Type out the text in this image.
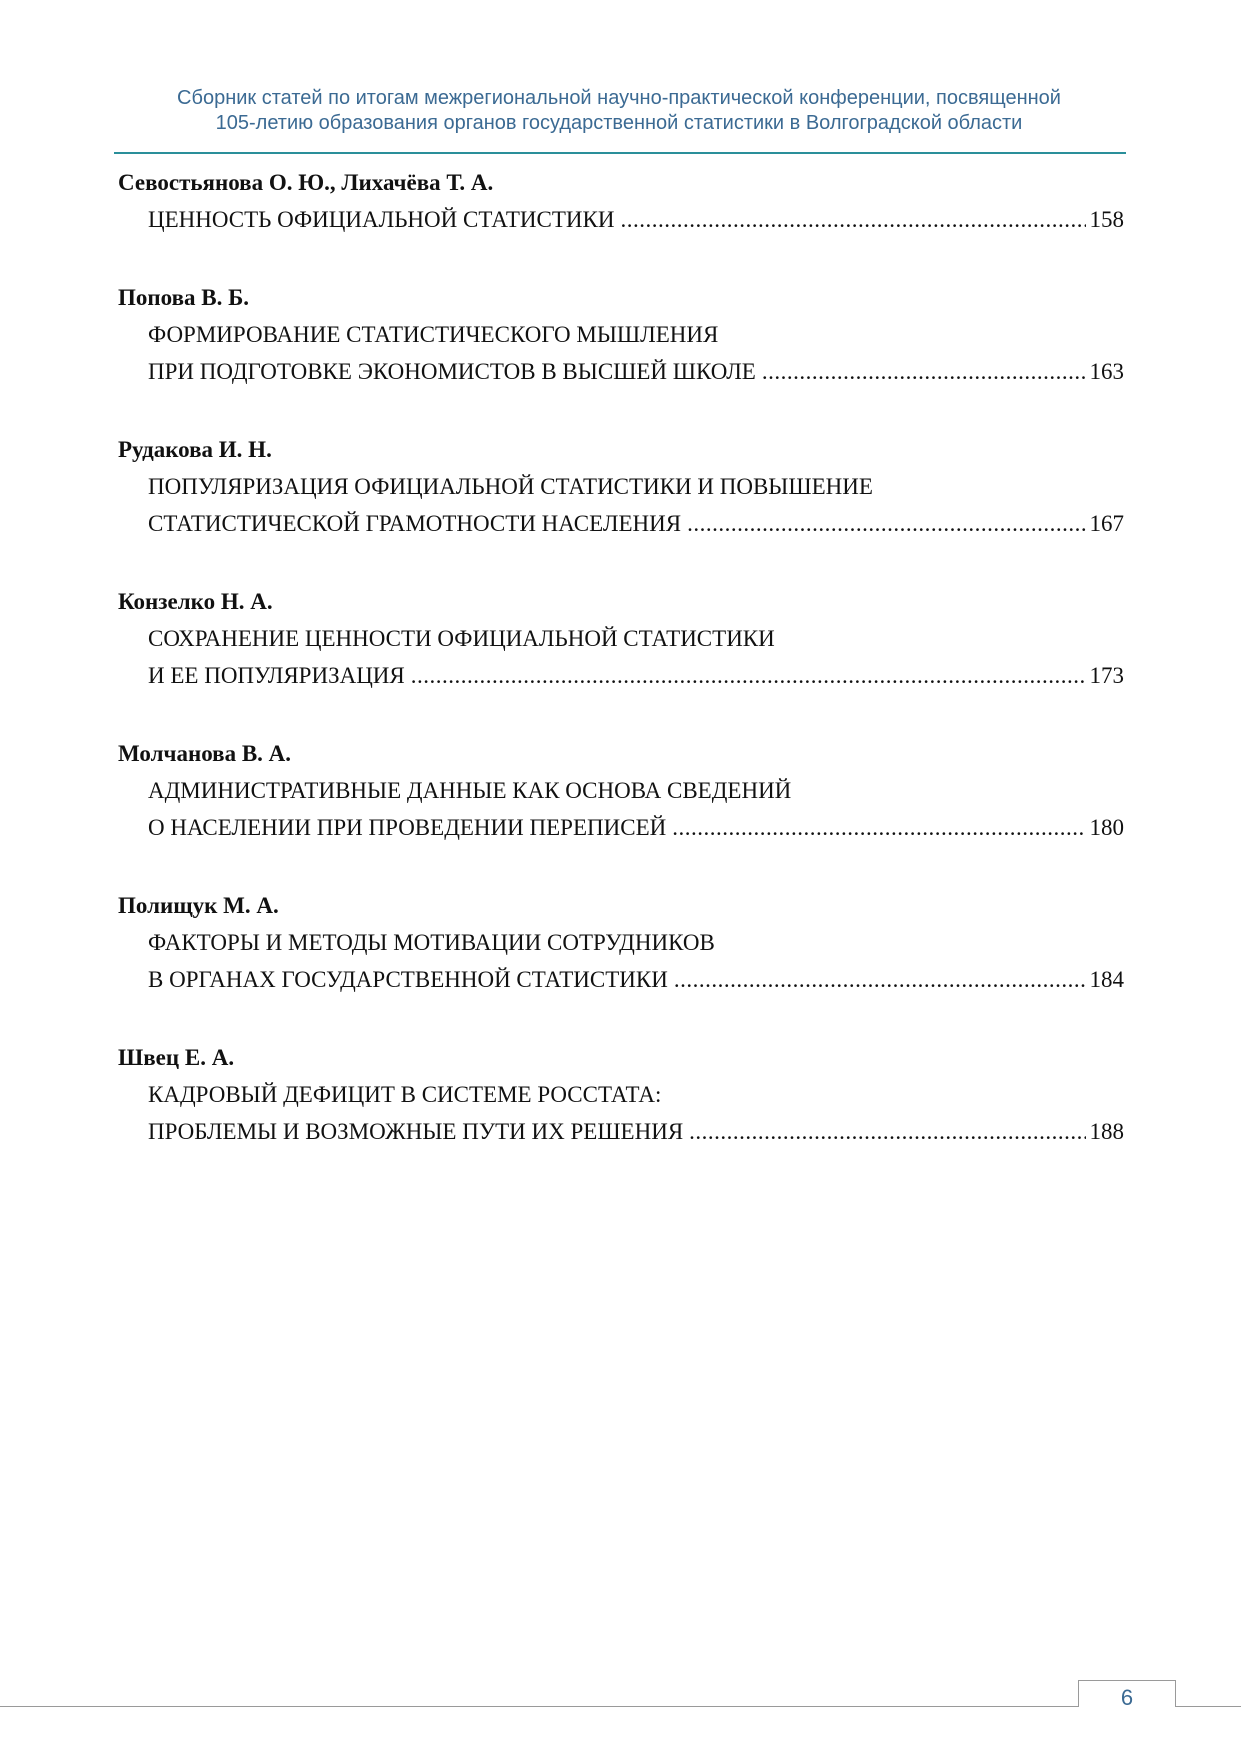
Сборник статей по итогам межрегиональной научно-практической конференции, посвященной
105-летию образования органов государственной статистики в Волгоградской области
Севостьянова О. Ю., Лихачёва Т. А.
ЦЕННОСТЬ ОФИЦИАЛЬНОЙ СТАТИСТИКИ .....	158
Попова В. Б.
ФОРМИРОВАНИЕ СТАТИСТИЧЕСКОГО МЫШЛЕНИЯ
ПРИ ПОДГОТОВКЕ ЭКОНОМИСТОВ В ВЫСШЕЙ ШКОЛЕ .....	163
Рудакова И. Н.
ПОПУЛЯРИЗАЦИЯ ОФИЦИАЛЬНОЙ СТАТИСТИКИ И ПОВЫШЕНИЕ
СТАТИСТИЧЕСКОЙ ГРАМОТНОСТИ НАСЕЛЕНИЯ .....	167
Конзелко Н. А.
СОХРАНЕНИЕ ЦЕННОСТИ ОФИЦИАЛЬНОЙ СТАТИСТИКИ
И ЕЕ ПОПУЛЯРИЗАЦИЯ .....	173
Молчанова В. А.
АДМИНИСТРАТИВНЫЕ ДАННЫЕ КАК ОСНОВА СВЕДЕНИЙ
О НАСЕЛЕНИИ ПРИ ПРОВЕДЕНИИ ПЕРЕПИСЕЙ .....	180
Полищук М. А.
ФАКТОРЫ И МЕТОДЫ МОТИВАЦИИ СОТРУДНИКОВ
В ОРГАНАХ ГОСУДАРСТВЕННОЙ СТАТИСТИКИ .....	184
Швец Е. А.
КАДРОВЫЙ ДЕФИЦИТ В СИСТЕМЕ РОССТАТА:
ПРОБЛЕМЫ И ВОЗМОЖНЫЕ ПУТИ ИХ РЕШЕНИЯ .....	188
6
